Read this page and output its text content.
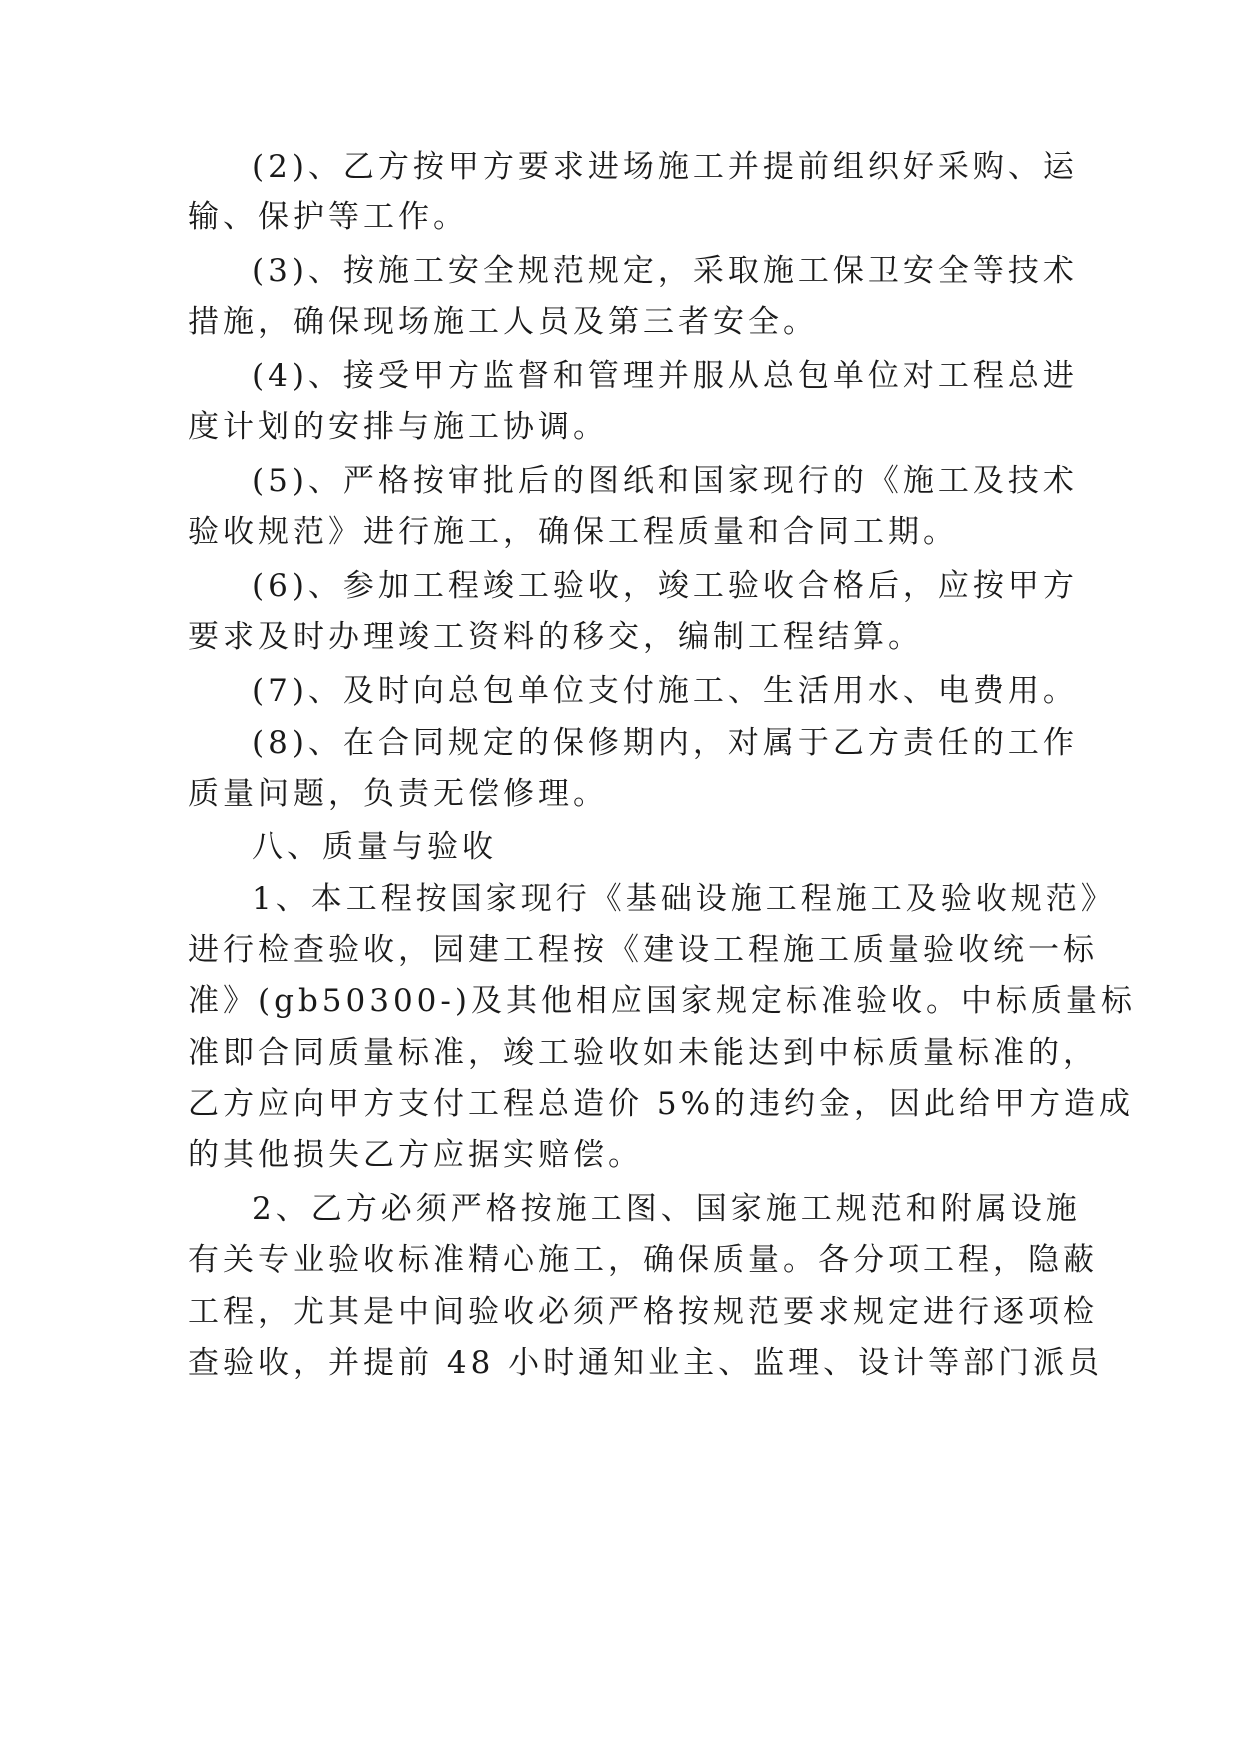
(2)、乙方按甲方要求进场施工并提前组织好采购、运
输、保护等工作。
(3)、按施工安全规范规定，采取施工保卫安全等技术
措施，确保现场施工人员及第三者安全。
(4)、接受甲方监督和管理并服从总包单位对工程总进
度计划的安排与施工协调。
(5)、严格按审批后的图纸和国家现行的《施工及技术
验收规范》进行施工，确保工程质量和合同工期。
(6)、参加工程竣工验收，竣工验收合格后，应按甲方
要求及时办理竣工资料的移交，编制工程结算。
(7)、及时向总包单位支付施工、生活用水、电费用。
(8)、在合同规定的保修期内，对属于乙方责任的工作
质量问题，负责无偿修理。
八、质量与验收
1、本工程按国家现行《基础设施工程施工及验收规范》
进行检查验收，园建工程按《建设工程施工质量验收统一标
准》(gb50300-)及其他相应国家规定标准验收。中标质量标
准即合同质量标准，竣工验收如未能达到中标质量标准的，
乙方应向甲方支付工程总造价 5%的违约金，因此给甲方造成
的其他损失乙方应据实赔偿。
2、乙方必须严格按施工图、国家施工规范和附属设施
有关专业验收标准精心施工，确保质量。各分项工程，隐蔽
工程，尤其是中间验收必须严格按规范要求规定进行逐项检
查验收，并提前 48 小时通知业主、监理、设计等部门派员
